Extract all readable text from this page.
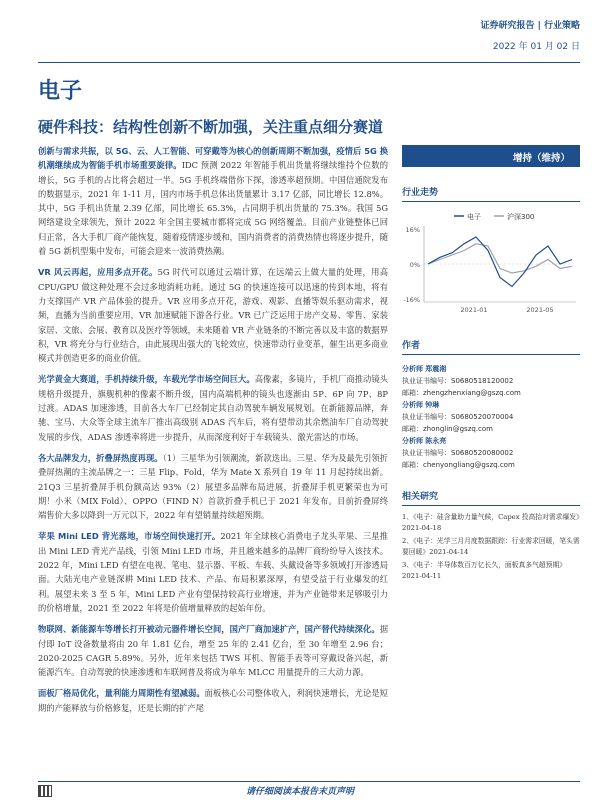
证券研究报告 | 行业策略
2022 年 01 月 02 日
电子
硬件科技：结构性创新不断加强，关注重点细分赛道

创新与需求共振，以 5G、云、人工智能、可穿戴等为核心的创新周期不断加强，疫情后 5G 换机潮继续成为智能手机市场重要旋律。IDC 预测 2022 年智能手机出货量将继续维持个位数的增长，5G 手机的占比将会超过一半。5G 手机终端借你下探，渗透率超预期。中国信通院发布的数据显示，2021 年 1-11 月，国内市场手机总体出货量累计 3.17 亿部，同比增长 12.8%。其中，5G 手机出货量 2.39 亿部，同比增长 65.3%，占同期手机出货量的 75.3%。我国 5G 网络建设全球领先，预计 2022 年全国主要城市都将完成 5G 网络覆盖。目前产业链整体已回归正常，各大手机厂商产能恢复，随着疫情逐步缓和，国内消费者的消费热情也将逐步提升，随着 5G 新机型集中发布，可能会迎来一波消费热潮。

VR 风云再起，应用多点开花。5G 时代可以通过云端计算，在远端云上做大量的处理，用高 CPU/GPU 做这种处理不会过多地消耗功耗。通过 5G 的快速连接可以迅速的传到本地，将有力支撑国产 VR 产品体验的提升。VR 应用多点开花，游戏、观影、直播等娱乐驱动需求，视频，直播为当前重要应用，VR 加速赋能下游各行业。VR 已广泛运用于房产交易、零售、家装家居、文旅、会展、教育以及医疗等领域，未来随着 VR 产业链条的不断完善以及丰富的数据界积，VR 将充分与行业结合，由此展现出强大的飞轮效应，快速带动行业变革，催生出更多商业模式并创造更多的商业价值。

光学黄金大赛道，手机持续升级，车载光学市场空间巨大。高像素，多镜片，手机厂商推动镜头规格升级提升，旗舰机种的像素不断升级，国内高端机种的镜头也逐渐由 5P、6P 向 7P、8P 过渡。ADAS 加速渗透，目前各大车厂已经制定其自动驾驶车辆发展规划。在新能源品牌，奔驰、宝马、大众等全球主流车厂推出高级别 ADAS 汽车后，将有望带动其余燃油车厂自动驾驶发展的步伐，ADAS 渗透率将进一步提升，从而深度利好于车载镜头、激光雷达的市场。

各大品牌发力，折叠屏热度再现。（1）三星华为引领潮流，新款迭出。三星、华为及最先引领折叠屏热潮的主流品牌之一：三星 Flip、Fold，华为 Mate X 系列自 19 年 11 月起持续出新。21Q3 三星折叠屏手机份额高达 93%（2）展望多品牌布局进展，折叠屏手机更繁荣也为可期！小米（MIX Fold）、OPPO（FIND N）首款折叠手机已于 2021 年发布。目前折叠屏终端售价大多以降到一万元以下，2022 年有望销量持续超预期。

苹果 Mini LED 背光落地，市场空间快速打开。2021 年全球核心消费电子龙头苹果、三星推出 Mini LED 背光产品线，引领 Mini LED 市场，并且越来越多的品牌厂商纷纷导入该技术。2022 年，Mini LED 有望在电视、笔电、显示器、平板、车载、头戴设备等多领域打开渗透局面。大陆光电产业链深耕 Mini LED 技术、产品、布局积累深厚，有望受益于行业爆发的红利。展望未来 3 至 5 年，Mini LED 产业有望保持较高行业增速，并为产业链带来足够吸引力的价格增量，2021 至 2022 年将是价值增量释放的起始年份。

物联网、新能源车等增长打开被动元器件增长空间，国产厂商加速扩产，国产替代持续深化。据付即 IoT 设备数量将由 20 年 1.81 亿台，增至 25 年的 2.41 亿台，至 30 年增至 2.96 台；2020-2025 CAGR 5.89%。另外，近年来包括 TWS 耳机、智能手表等可穿戴设备兴起，新能源汽车。自动驾驶的快速渗透和车联网普及将成为单车 MLCC 用量提升的三大动力源。

面板厂格局优化，量利能力周期性有望减弱。面板核心公司整体收入，利润快速增长，尤论是短期的产能释放与价格修复，还是长期的扩产尾

增持（维持）
行业走势
电子	沪深300
16%
0%
-16%
2021-01	2021-05
作者
分析师 郑震湘
执业证书编号：S0680518120002
邮箱：zhengzhenxiang@gszq.com
分析师 钟琳
执业证书编号：S0680520070004
邮箱：zhonglin@gszq.com
分析师 陈永亮
执业证书编号：S0680520080002
邮箱：chenyongliang@gszq.com
相关研究
1、《电子：硅含量助力量气候，Capex 投高抬对需求爆发》2021-04-18
2、《电子：光学三月月度数据跟踪：行业需求回暖，笔头需要回暖》2021-04-14
3、《电子：半导体数百万亿长久，面板真多气超预期》2021-04-11
请仔细阅读本报告末页声明
